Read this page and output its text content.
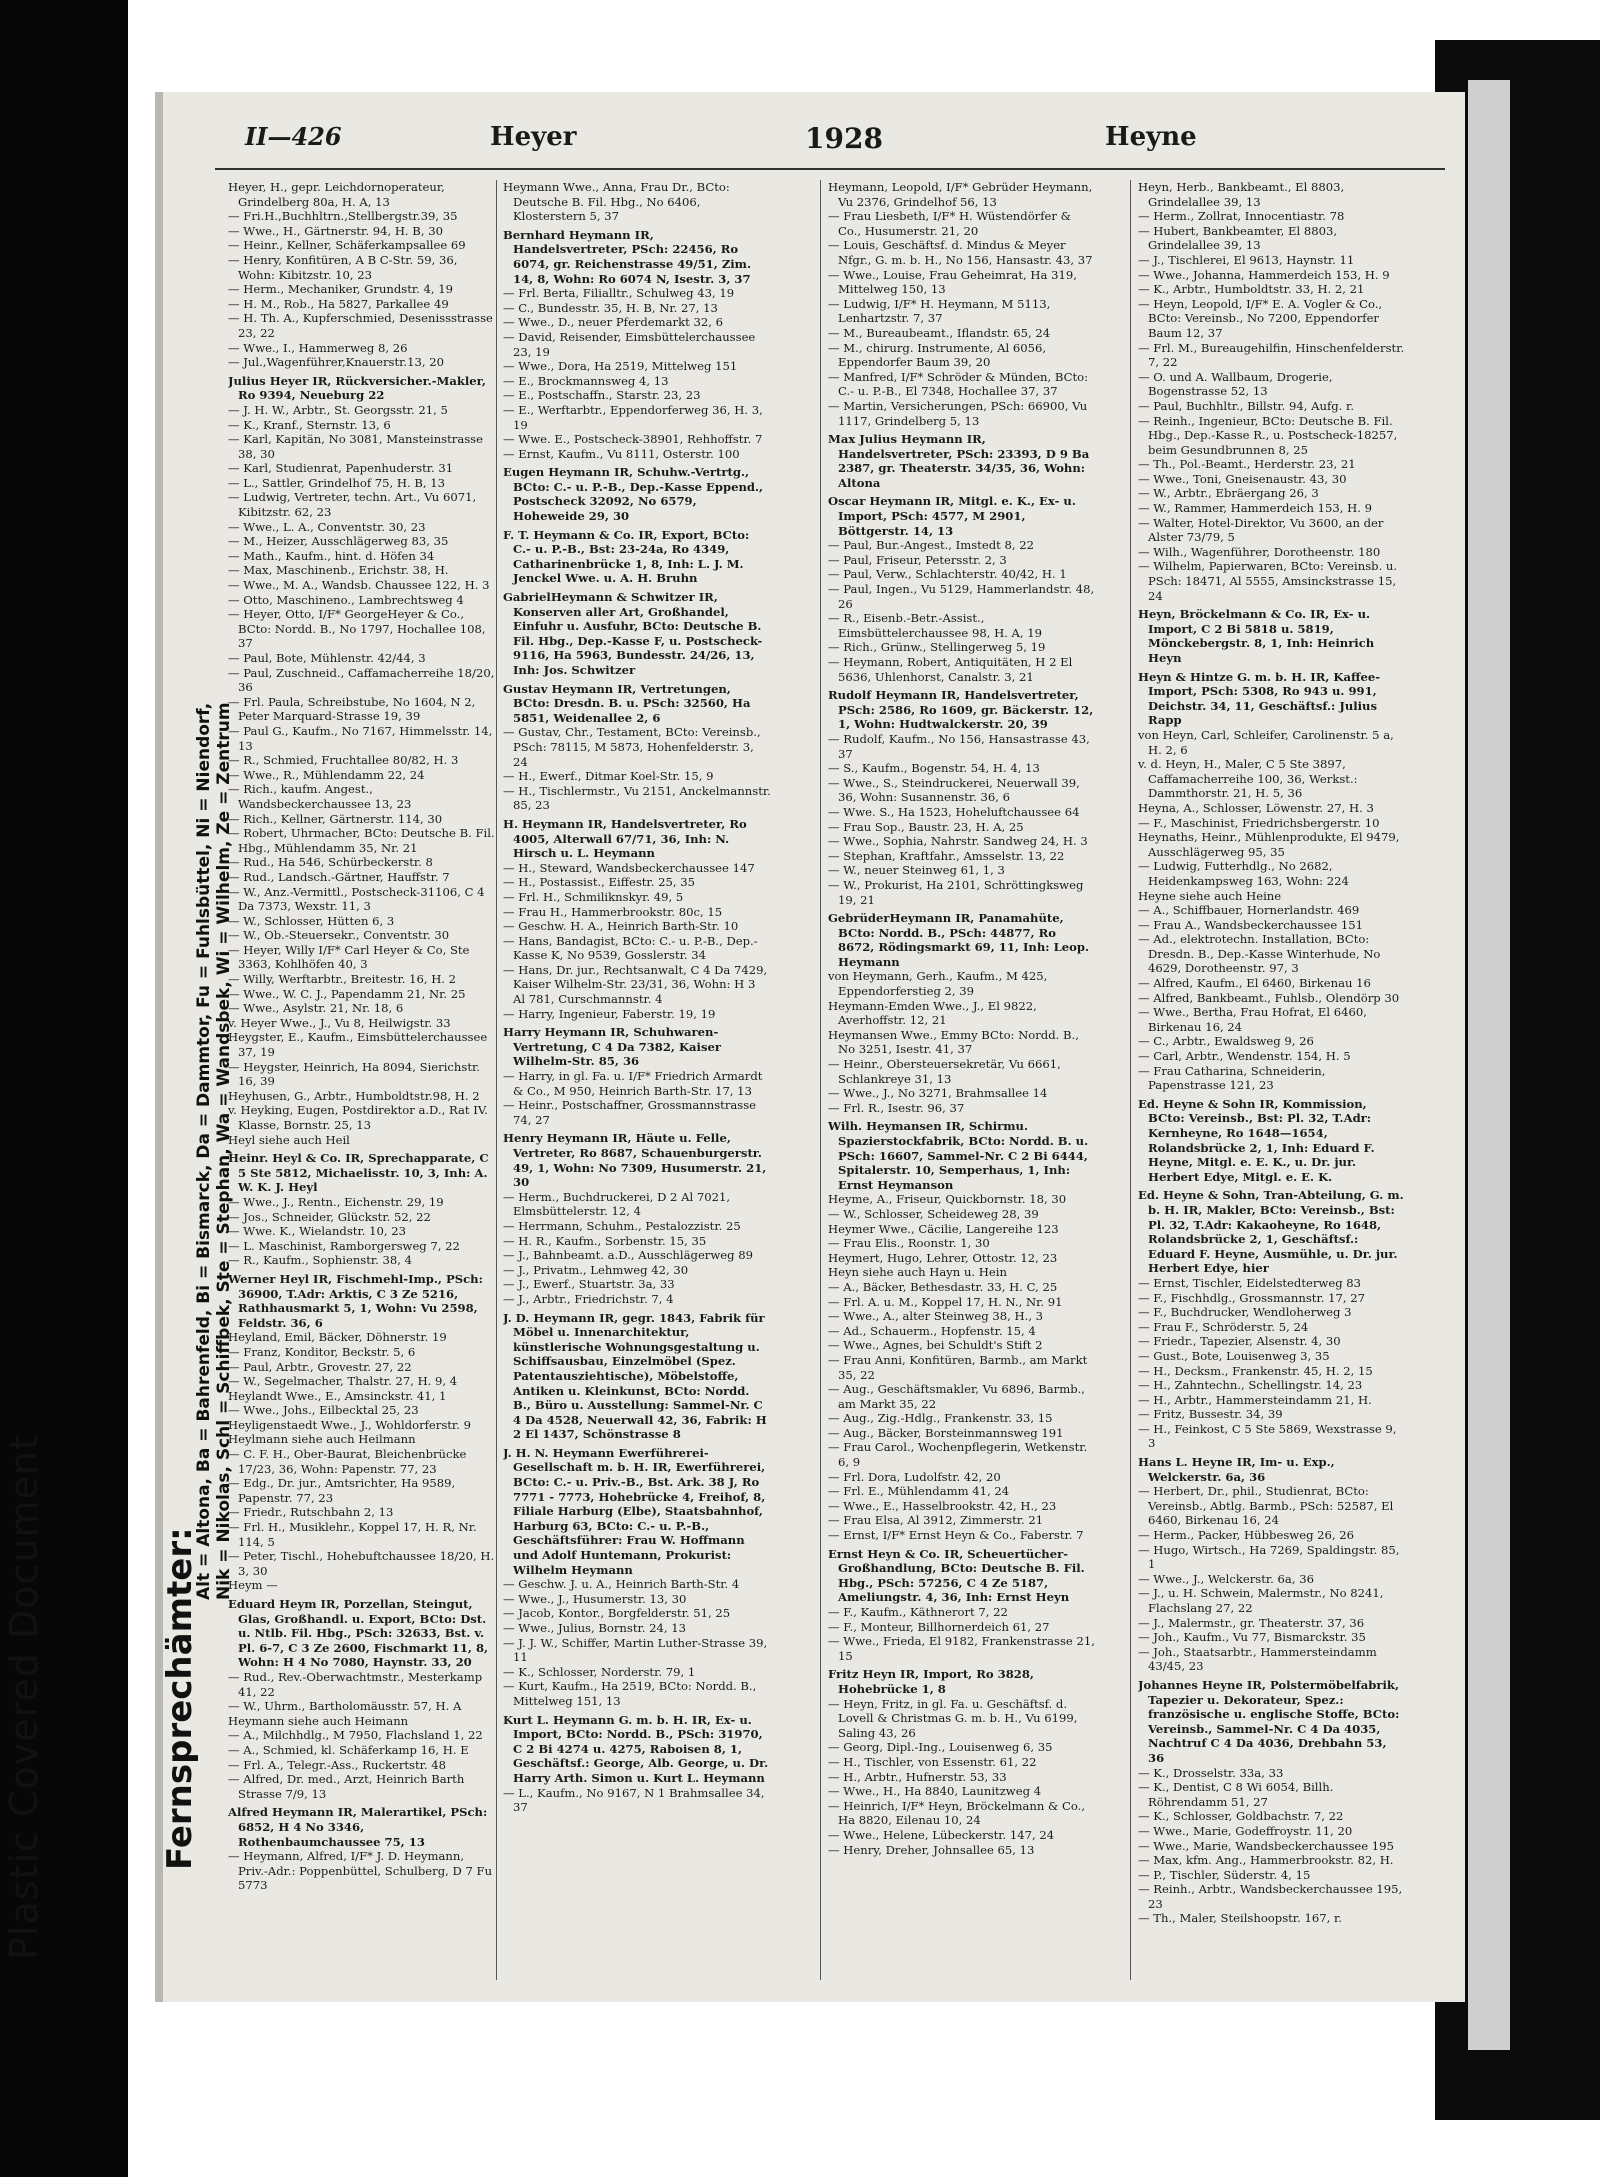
Plastic Covered Document
II—426	Heyer	1928	Heyne
Fernsprechämter:
Alt = Altona, Ba = Bahrenfeld, Bi = Bismarck, Da = Dammtor, Fu = Fuhlsbüttel, Ni = Niendorf, Nik = Nikolas, Schl = Schiffbek, Ste = Stephan, Wa = Wandsbek, Wi = Wilhelm, Ze = Zentrum

Heyer, H., gepr. Leichdornoperateur, Grindelberg 80a, H. A, 13

— Fri.H.,Buchhltrn.,Stellbergstr.39, 35

— Wwe., H., Gärtnerstr. 94, H. B, 30

— Heinr., Kellner, Schäferkampsallee 69

— Henry, Konfitüren, A B C-Str. 59, 36, Wohn: Kibitzstr. 10, 23

— Herm., Mechaniker, Grundstr. 4, 19

— H. M., Rob., Ha 5827, Parkallee 49

— H. Th. A., Kupferschmied, Desenissstrasse 23, 22

— Wwe., I., Hammerweg 8, 26

— Jul.,Wagenführer,Knauerstr.13, 20

Julius Heyer IR, Rückversicher.-Makler, Ro 9394, Neueburg 22

— J. H. W., Arbtr., St. Georgsstr. 21, 5

— K., Kranf., Sternstr. 13, 6

— Karl, Kapitän, No 3081, Mansteinstrasse 38, 30

— Karl, Studienrat, Papenhuderstr. 31

— L., Sattler, Grindelhof 75, H. B, 13

— Ludwig, Vertreter, techn. Art., Vu 6071, Kibitzstr. 62, 23

— Wwe., L. A., Conventstr. 30, 23

— M., Heizer, Ausschlägerweg 83, 35

— Math., Kaufm., hint. d. Höfen 34

— Max, Maschinenb., Erichstr. 38, H.

— Wwe., M. A., Wandsb. Chaussee 122, H. 3

— Otto, Maschineno., Lambrechtsweg 4

— Heyer, Otto, I/F* GeorgeHeyer & Co., BCto: Nordd. B., No 1797, Hochallee 108, 37

— Paul, Bote, Mühlenstr. 42/44, 3

— Paul, Zuschneid., Caffamacherreihe 18/20, 36

— Frl. Paula, Schreibstube, No 1604, N 2, Peter Marquard-Strasse 19, 39

— Paul G., Kaufm., No 7167, Himmelsstr. 14, 13

— R., Schmied, Fruchtallee 80/82, H. 3

— Wwe., R., Mühlendamm 22, 24

— Rich., kaufm. Angest., Wandsbeckerchaussee 13, 23

— Rich., Kellner, Gärtnerstr. 114, 30

— Robert, Uhrmacher, BCto: Deutsche B. Fil. Hbg., Mühlendamm 35, Nr. 21

— Rud., Ha 546, Schürbeckerstr. 8

— Rud., Landsch.-Gärtner, Hauffstr. 7

— W., Anz.-Vermittl., Postscheck-31106, C 4 Da 7373, Wexstr. 11, 3

— W., Schlosser, Hütten 6, 3

— W., Ob.-Steuersekr., Conventstr. 30

— Heyer, Willy I/F* Carl Heyer & Co, Ste 3363, Kohlhöfen 40, 3

— Willy, Werftarbtr., Breitestr. 16, H. 2

— Wwe., W. C. J., Papendamm 21, Nr. 25

— Wwe., Asylstr. 21, Nr. 18, 6

v. Heyer Wwe., J., Vu 8, Heilwigstr. 33

Heygster, E., Kaufm., Eimsbüttelerchaussee 37, 19

— Heygster, Heinrich, Ha 8094, Sierichstr. 16, 39

Heyhusen, G., Arbtr., Humboldtstr.98, H. 2

v. Heyking, Eugen, Postdirektor a.D., Rat IV. Klasse, Bornstr. 25, 13

Heyl siehe auch Heil

Heinr. Heyl & Co. IR, Sprechapparate, C 5 Ste 5812, Michaelisstr. 10, 3, Inh: A. W. K. J. Heyl

— Wwe., J., Rentn., Eichenstr. 29, 19

— Jos., Schneider, Glückstr. 52, 22

— Wwe. K., Wielandstr. 10, 23

— L. Maschinist, Ramborgersweg 7, 22

— R., Kaufm., Sophienstr. 38, 4

Werner Heyl IR, Fischmehl-Imp., PSch: 36900, T.Adr: Arktis, C 3 Ze 5216, Rathhausmarkt 5, 1, Wohn: Vu 2598, Feldstr. 36, 6

Heyland, Emil, Bäcker, Döhnerstr. 19

— Franz, Konditor, Beckstr. 5, 6

— Paul, Arbtr., Grovestr. 27, 22

— W., Segelmacher, Thalstr. 27, H. 9, 4

Heylandt Wwe., E., Amsinckstr. 41, 1

— Wwe., Johs., Eilbecktal 25, 23

Heyligenstaedt Wwe., J., Wohldorferstr. 9

Heylmann siehe auch Heilmann

— C. F. H., Ober-Baurat, Bleichenbrücke 17/23, 36, Wohn: Papenstr. 77, 23

— Edg., Dr. jur., Amtsrichter, Ha 9589, Papenstr. 77, 23

— Friedr., Rutschbahn 2, 13

— Frl. H., Musiklehr., Koppel 17, H. R, Nr. 114, 5

— Peter, Tischl., Hohebuftchaussee 18/20, H. 3, 30

Heym —

Eduard Heym IR, Porzellan, Steingut, Glas, Großhandl. u. Export, BCto: Dst. u. Ntlb. Fil. Hbg., PSch: 32633, Bst. v. Pl. 6-7, C 3 Ze 2600, Fischmarkt 11, 8, Wohn: H 4 No 7080, Haynstr. 33, 20

— Rud., Rev.-Oberwachtmstr., Mesterkamp 41, 22

— W., Uhrm., Bartholomäusstr. 57, H. A

Heymann siehe auch Heimann

— A., Milchhdlg., M 7950, Flachsland 1, 22

— A., Schmied, kl. Schäferkamp 16, H. E

— Frl. A., Telegr.-Ass., Ruckertstr. 48

— Alfred, Dr. med., Arzt, Heinrich Barth Strasse 7/9, 13

Alfred Heymann IR, Malerartikel, PSch: 6852, H 4 No 3346, Rothenbaumchaussee 75, 13

— Heymann, Alfred, I/F* J. D. Heymann, Priv.-Adr.: Poppenbüttel, Schulberg, D 7 Fu 5773

Heymann Wwe., Anna, Frau Dr., BCto: Deutsche B. Fil. Hbg., No 6406, Klosterstern 5, 37

Bernhard Heymann IR, Handelsvertreter, PSch: 22456, Ro 6074, gr. Reichenstrasse 49/51, Zim. 14, 8, Wohn: Ro 6074 N, Isestr. 3, 37

— Frl. Berta, Filialltr., Schulweg 43, 19

— C., Bundesstr. 35, H. B, Nr. 27, 13

— Wwe., D., neuer Pferdemarkt 32, 6

— David, Reisender, Eimsbüttelerchaussee 23, 19

— Wwe., Dora, Ha 2519, Mittelweg 151

— E., Brockmannsweg 4, 13

— E., Postschaffn., Starstr. 23, 23

— E., Werftarbtr., Eppendorferweg 36, H. 3, 19

— Wwe. E., Postscheck-38901, Rehhoffstr. 7

— Ernst, Kaufm., Vu 8111, Osterstr. 100

Eugen Heymann IR, Schuhw.-Vertrtg., BCto: C.- u. P.-B., Dep.-Kasse Eppend., Postscheck 32092, No 6579, Hoheweide 29, 30

F. T. Heymann & Co. IR, Export, BCto: C.- u. P.-B., Bst: 23-24a, Ro 4349, Catharinenbrücke 1, 8, Inh: L. J. M. Jenckel Wwe. u. A. H. Bruhn

GabrielHeymann & Schwitzer IR, Konserven aller Art, Großhandel, Einfuhr u. Ausfuhr, BCto: Deutsche B. Fil. Hbg., Dep.-Kasse F, u. Postscheck-9116, Ha 5963, Bundesstr. 24/26, 13, Inh: Jos. Schwitzer

Gustav Heymann IR, Vertretungen, BCto: Dresdn. B. u. PSch: 32560, Ha 5851, Weidenallee 2, 6

— Gustav, Chr., Testament, BCto: Vereinsb., PSch: 78115, M 5873, Hohenfelderstr. 3, 24

— H., Ewerf., Ditmar Koel-Str. 15, 9

— H., Tischlermstr., Vu 2151, Anckelmannstr. 85, 23

H. Heymann IR, Handelsvertreter, Ro 4005, Alterwall 67/71, 36, Inh: N. Hirsch u. L. Heymann

— H., Steward, Wandsbeckerchaussee 147

— H., Postassist., Eiffestr. 25, 35

— Frl. H., Schmiliknskyr. 49, 5

— Frau H., Hammerbrookstr. 80c, 15

— Geschw. H. A., Heinrich Barth-Str. 10

— Hans, Bandagist, BCto: C.- u. P.-B., Dep.-Kasse K, No 9539, Gosslerstr. 34

— Hans, Dr. jur., Rechtsanwalt, C 4 Da 7429, Kaiser Wilhelm-Str. 23/31, 36, Wohn: H 3 Al 781, Curschmannstr. 4

— Harry, Ingenieur, Faberstr. 19, 19

Harry Heymann IR, Schuhwaren-Vertretung, C 4 Da 7382, Kaiser Wilhelm-Str. 85, 36

— Harry, in gl. Fa. u. I/F* Friedrich Armardt & Co., M 950, Heinrich Barth-Str. 17, 13

— Heinr., Postschaffner, Grossmannstrasse 74, 27

Henry Heymann IR, Häute u. Felle, Vertreter, Ro 8687, Schauenburgerstr. 49, 1, Wohn: No 7309, Husumerstr. 21, 30

— Herm., Buchdruckerei, D 2 Al 7021, Elmsbüttelerstr. 12, 4

— Herrmann, Schuhm., Pestalozzistr. 25

— H. R., Kaufm., Sorbenstr. 15, 35

— J., Bahnbeamt. a.D., Ausschlägerweg 89

— J., Privatm., Lehmweg 42, 30

— J., Ewerf., Stuartstr. 3a, 33

— J., Arbtr., Friedrichstr. 7, 4

J. D. Heymann IR, gegr. 1843, Fabrik für Möbel u. Innenarchitektur, künstlerische Wohnungsgestaltung u. Schiffsausbau, Einzelmöbel (Spez. Patentausziehtische), Möbelstoffe, Antiken u. Kleinkunst, BCto: Nordd. B., Büro u. Ausstellung: Sammel-Nr. C 4 Da 4528, Neuerwall 42, 36, Fabrik: H 2 El 1437, Schönstrasse 8

J. H. N. Heymann Ewerführerei-Gesellschaft m. b. H. IR, Ewerführerei, BCto: C.- u. Priv.-B., Bst. Ark. 38 J, Ro 7771 - 7773, Hohebrücke 4, Freihof, 8, Filiale Harburg (Elbe), Staatsbahnhof, Harburg 63, BCto: C.- u. P.-B., Geschäftsführer: Frau W. Hoffmann und Adolf Huntemann, Prokurist: Wilhelm Heymann

— Geschw. J. u. A., Heinrich Barth-Str. 4

— Wwe., J., Husumerstr. 13, 30

— Jacob, Kontor., Borgfelderstr. 51, 25

— Wwe., Julius, Bornstr. 24, 13

— J. J. W., Schiffer, Martin Luther-Strasse 39, 11

— K., Schlosser, Norderstr. 79, 1

— Kurt, Kaufm., Ha 2519, BCto: Nordd. B., Mittelweg 151, 13

Kurt L. Heymann G. m. b. H. IR, Ex- u. Import, BCto: Nordd. B., PSch: 31970, C 2 Bi 4274 u. 4275, Raboisen 8, 1, Geschäftsf.: George, Alb. George, u. Dr. Harry Arth. Simon u. Kurt L. Heymann

— L., Kaufm., No 9167, N 1 Brahmsallee 34, 37

Heymann, Leopold, I/F* Gebrüder Heymann, Vu 2376, Grindelhof 56, 13

— Frau Liesbeth, I/F* H. Wüstendörfer & Co., Husumerstr. 21, 20

— Louis, Geschäftsf. d. Mindus & Meyer Nfgr., G. m. b. H., No 156, Hansastr. 43, 37

— Wwe., Louise, Frau Geheimrat, Ha 319, Mittelweg 150, 13

— Ludwig, I/F* H. Heymann, M 5113, Lenhartzstr. 7, 37

— M., Bureaubeamt., Iflandstr. 65, 24

— M., chirurg. Instrumente, Al 6056, Eppendorfer Baum 39, 20

— Manfred, I/F* Schröder & Münden, BCto: C.- u. P.-B., El 7348, Hochallee 37, 37

— Martin, Versicherungen, PSch: 66900, Vu 1117, Grindelberg 5, 13

Max Julius Heymann IR, Handelsvertreter, PSch: 23393, D 9 Ba 2387, gr. Theaterstr. 34/35, 36, Wohn: Altona

Oscar Heymann IR, Mitgl. e. K., Ex- u. Import, PSch: 4577, M 2901, Böttgerstr. 14, 13

— Paul, Bur.-Angest., Imstedt 8, 22

— Paul, Friseur, Petersstr. 2, 3

— Paul, Verw., Schlachterstr. 40/42, H. 1

— Paul, Ingen., Vu 5129, Hammerlandstr. 48, 26

— R., Eisenb.-Betr.-Assist., Eimsbüttelerchaussee 98, H. A, 19

— Rich., Grünw., Stellingerweg 5, 19

— Heymann, Robert, Antiquitäten, H 2 El 5636, Uhlenhorst, Canalstr. 3, 21

Rudolf Heymann IR, Handelsvertreter, PSch: 2586, Ro 1609, gr. Bäckerstr. 12, 1, Wohn: Hudtwalckerstr. 20, 39

— Rudolf, Kaufm., No 156, Hansastrasse 43, 37

— S., Kaufm., Bogenstr. 54, H. 4, 13

— Wwe., S., Steindruckerei, Neuerwall 39, 36, Wohn: Susannenstr. 36, 6

— Wwe. S., Ha 1523, Hoheluftchaussee 64

— Frau Sop., Baustr. 23, H. A, 25

— Wwe., Sophia, Nahrstr. Sandweg 24, H. 3

— Stephan, Kraftfahr., Amsselstr. 13, 22

— W., neuer Steinweg 61, 1, 3

— W., Prokurist, Ha 2101, Schröttingksweg 19, 21

GebrüderHeymann IR, Panamahüte, BCto: Nordd. B., PSch: 44877, Ro 8672, Rödingsmarkt 69, 11, Inh: Leop. Heymann

von Heymann, Gerh., Kaufm., M 425, Eppendorferstieg 2, 39

Heymann-Emden Wwe., J., El 9822, Averhoffstr. 12, 21

Heymansen Wwe., Emmy BCto: Nordd. B., No 3251, Isestr. 41, 37

— Heinr., Obersteuersekretär, Vu 6661, Schlankreye 31, 13

— Wwe., J., No 3271, Brahmsallee 14

— Frl. R., Isestr. 96, 37

Wilh. Heymansen IR, Schirmu. Spazierstockfabrik, BCto: Nordd. B. u. PSch: 16607, Sammel-Nr. C 2 Bi 6444, Spitalerstr. 10, Semperhaus, 1, Inh: Ernst Heymanson

Heyme, A., Friseur, Quickbornstr. 18, 30

— W., Schlosser, Scheideweg 28, 39

Heymer Wwe., Cäcilie, Langereihe 123

— Frau Elis., Roonstr. 1, 30

Heymert, Hugo, Lehrer, Ottostr. 12, 23

Heyn siehe auch Hayn u. Hein

— A., Bäcker, Bethesdastr. 33, H. C, 25

— Frl. A. u. M., Koppel 17, H. N., Nr. 91

— Wwe., A., alter Steinweg 38, H., 3

— Ad., Schauerm., Hopfenstr. 15, 4

— Wwe., Agnes, bei Schuldt's Stift 2

— Frau Anni, Konfitüren, Barmb., am Markt 35, 22

— Aug., Geschäftsmakler, Vu 6896, Barmb., am Markt 35, 22

— Aug., Zig.-Hdlg., Frankenstr. 33, 15

— Aug., Bäcker, Borsteinmannsweg 191

— Frau Carol., Wochenpflegerin, Wetkenstr. 6, 9

— Frl. Dora, Ludolfstr. 42, 20

— Frl. E., Mühlendamm 41, 24

— Wwe., E., Hasselbrookstr. 42, H., 23

— Frau Elsa, Al 3912, Zimmerstr. 21

— Ernst, I/F* Ernst Heyn & Co., Faberstr. 7

Ernst Heyn & Co. IR, Scheuertücher-Großhandlung, BCto: Deutsche B. Fil. Hbg., PSch: 57256, C 4 Ze 5187, Ameliungstr. 4, 36, Inh: Ernst Heyn

— F., Kaufm., Käthnerort 7, 22

— F., Monteur, Billhornerdeich 61, 27

— Wwe., Frieda, El 9182, Frankenstrasse 21, 15

Fritz Heyn IR, Import, Ro 3828, Hohebrücke 1, 8

— Heyn, Fritz, in gl. Fa. u. Geschäftsf. d. Lovell & Christmas G. m. b. H., Vu 6199, Saling 43, 26

— Georg, Dipl.-Ing., Louisenweg 6, 35

— H., Tischler, von Essenstr. 61, 22

— H., Arbtr., Hufnerstr. 53, 33

— Wwe., H., Ha 8840, Launitzweg 4

— Heinrich, I/F* Heyn, Bröckelmann & Co., Ha 8820, Eilenau 10, 24

— Wwe., Helene, Lübeckerstr. 147, 24

— Henry, Dreher, Johnsallee 65, 13

Heyn, Herb., Bankbeamt., El 8803, Grindelallee 39, 13

— Herm., Zollrat, Innocentiastr. 78

— Hubert, Bankbeamter, El 8803, Grindelallee 39, 13

— J., Tischlerei, El 9613, Haynstr. 11

— Wwe., Johanna, Hammerdeich 153, H. 9

— K., Arbtr., Humboldtstr. 33, H. 2, 21

— Heyn, Leopold, I/F* E. A. Vogler & Co., BCto: Vereinsb., No 7200, Eppendorfer Baum 12, 37

— Frl. M., Bureaugehilfin, Hinschenfelderstr. 7, 22

— O. und A. Wallbaum, Drogerie, Bogenstrasse 52, 13

— Paul, Buchhltr., Billstr. 94, Aufg. r.

— Reinh., Ingenieur, BCto: Deutsche B. Fil. Hbg., Dep.-Kasse R., u. Postscheck-18257, beim Gesundbrunnen 8, 25

— Th., Pol.-Beamt., Herderstr. 23, 21

— Wwe., Toni, Gneisenaustr. 43, 30

— W., Arbtr., Ebräergang 26, 3

— W., Rammer, Hammerdeich 153, H. 9

— Walter, Hotel-Direktor, Vu 3600, an der Alster 73/79, 5

— Wilh., Wagenführer, Dorotheenstr. 180

— Wilhelm, Papierwaren, BCto: Vereinsb. u. PSch: 18471, Al 5555, Amsinckstrasse 15, 24

Heyn, Bröckelmann & Co. IR, Ex- u. Import, C 2 Bi 5818 u. 5819, Mönckebergstr. 8, 1, Inh: Heinrich Heyn

Heyn & Hintze G. m. b. H. IR, Kaffee-Import, PSch: 5308, Ro 943 u. 991, Deichstr. 34, 11, Geschäftsf.: Julius Rapp

von Heyn, Carl, Schleifer, Carolinenstr. 5 a, H. 2, 6

v. d. Heyn, H., Maler, C 5 Ste 3897, Caffamacherreihe 100, 36, Werkst.: Dammthorstr. 21, H. 5, 36

Heyna, A., Schlosser, Löwenstr. 27, H. 3

— F., Maschinist, Friedrichsbergerstr. 10

Heynaths, Heinr., Mühlenprodukte, El 9479, Ausschlägerweg 95, 35

— Ludwig, Futterhdlg., No 2682, Heidenkampsweg 163, Wohn: 224

Heyne siehe auch Heine

— A., Schiffbauer, Hornerlandstr. 469

— Frau A., Wandsbeckerchaussee 151

— Ad., elektrotechn. Installation, BCto: Dresdn. B., Dep.-Kasse Winterhude, No 4629, Dorotheenstr. 97, 3

— Alfred, Kaufm., El 6460, Birkenau 16

— Alfred, Bankbeamt., Fuhlsb., Olendörp 30

— Wwe., Bertha, Frau Hofrat, El 6460, Birkenau 16, 24

— C., Arbtr., Ewaldsweg 9, 26

— Carl, Arbtr., Wendenstr. 154, H. 5

— Frau Catharina, Schneiderin, Papenstrasse 121, 23

Ed. Heyne & Sohn IR, Kommission, BCto: Vereinsb., Bst: Pl. 32, T.Adr: Kernheyne, Ro 1648—1654, Rolandsbrücke 2, 1, Inh: Eduard F. Heyne, Mitgl. e. E. K., u. Dr. jur. Herbert Edye, Mitgl. e. E. K.

Ed. Heyne & Sohn, Tran-Abteilung, G. m. b. H. IR, Makler, BCto: Vereinsb., Bst: Pl. 32, T.Adr: Kakaoheyne, Ro 1648, Rolandsbrücke 2, 1, Geschäftsf.: Eduard F. Heyne, Ausmühle, u. Dr. jur. Herbert Edye, hier

— Ernst, Tischler, Eidelstedterweg 83

— F., Fischhdlg., Grossmannstr. 17, 27

— F., Buchdrucker, Wendloherweg 3

— Frau F., Schröderstr. 5, 24

— Friedr., Tapezier, Alsenstr. 4, 30

— Gust., Bote, Louisenweg 3, 35

— H., Decksm., Frankenstr. 45, H. 2, 15

— H., Zahntechn., Schellingstr. 14, 23

— H., Arbtr., Hammersteindamm 21, H.

— Fritz, Bussestr. 34, 39

— H., Feinkost, C 5 Ste 5869, Wexstrasse 9, 3

Hans L. Heyne IR, Im- u. Exp., Welckerstr. 6a, 36

— Herbert, Dr., phil., Studienrat, BCto: Vereinsb., Abtlg. Barmb., PSch: 52587, El 6460, Birkenau 16, 24

— Herm., Packer, Hübbesweg 26, 26

— Hugo, Wirtsch., Ha 7269, Spaldingstr. 85, 1

— Wwe., J., Welckerstr. 6a, 36

— J., u. H. Schwein, Malermstr., No 8241, Flachslang 27, 22

— J., Malermstr., gr. Theaterstr. 37, 36

— Joh., Kaufm., Vu 77, Bismarckstr. 35

— Joh., Staatsarbtr., Hammersteindamm 43/45, 23

Johannes Heyne IR, Polstermöbelfabrik, Tapezier u. Dekorateur, Spez.: französische u. englische Stoffe, BCto: Vereinsb., Sammel-Nr. C 4 Da 4035, Nachtruf C 4 Da 4036, Drehbahn 53, 36

— K., Drosselstr. 33a, 33

— K., Dentist, C 8 Wi 6054, Billh. Röhrendamm 51, 27

— K., Schlosser, Goldbachstr. 7, 22

— Wwe., Marie, Godeffroystr. 11, 20

— Wwe., Marie, Wandsbeckerchaussee 195

— Max, kfm. Ang., Hammerbrookstr. 82, H.

— P., Tischler, Süderstr. 4, 15

— Reinh., Arbtr., Wandsbeckerchaussee 195, 23

— Th., Maler, Steilshoopstr. 167, r.
